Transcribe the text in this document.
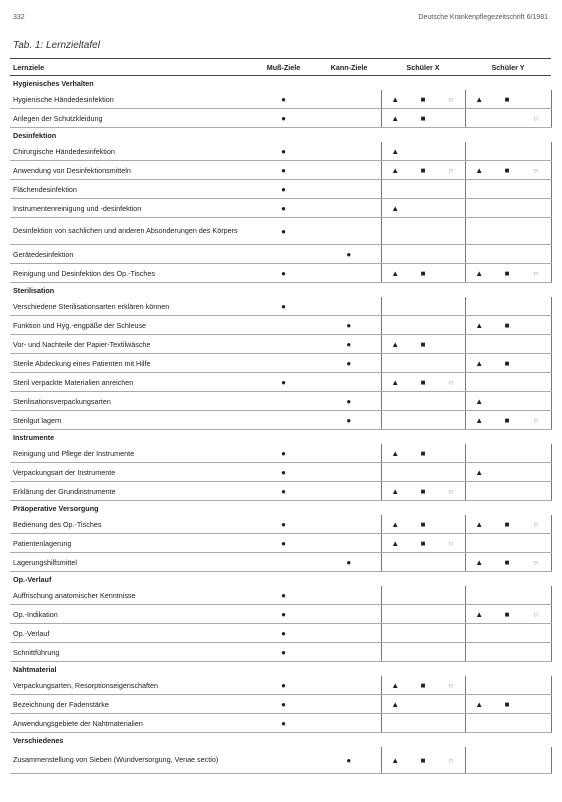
332	Deutsche Krankenpflegezeitschrift 6/1981
Tab. 1: Lernzieltafel
Lernziele	Muß-Ziele	Kann-Ziele	Schüler X			Schüler Y		
Hygienisches Verhalten								
Hygienische Händedesinfektion	●		▲	■	○	▲	■	
Anlegen der Schutzkleidung	●		▲	■				○
Desinfektion								
Chirurgische Händedesinfektion	●		▲					
Anwendung von Desinfektionsmitteln	●		▲	■	○	▲	■	○
Flächendesinfektion	●							
Instrumentenreinigung und -desinfektion	●		▲					
Desinfektion von sachlichen und anderen Absonderungen des Körpers	●							
Gerätedesinfektion		●						
Reinigung und Desinfektion des Op.-Tisches	●		▲	■		▲	■	○
Sterilisation								
Verschiedene Sterilisationsarten erklären können	●							
Funktion und Hyg.-engpäße der Schleuse		●				▲	■	
Vor- und Nachteile der Papier-Textilwäsche		●	▲	■				
Sterile Abdeckung eines Patienten mit Hilfe		●				▲	■	
Steril verpackte Materialien anreichen	●		▲	■	○			
Sterilisationsverpackungsarten		●				▲		
Sterilgut lagern		●				▲	■	○
Instrumente								
Reinigung und Pflege der Instrumente	●		▲	■				
Verpackungsart der Instrumente	●					▲		
Erklärung der Grundinstrumente	●		▲	■	○			
Präoperative Versorgung								
Bedienung des Op.-Tisches	●		▲	■		▲	■	○
Patientenlagerung	●		▲	■	○			
Lagerungshilfsmittel		●				▲	■	○
Op.-Verlauf								
Auffrischung anatomischer Kenntnisse	●							
Op.-Indikation	●					▲	■	○
Op.-Verlauf	●							
Schnittführung	●							
Nahtmaterial								
Verpackungsarten, Resorptionseigenschaften	●		▲	■	○			
Bezeichnung der Fadenstärke	●		▲			▲	■	
Anwendungsgebiete der Nahtmaterialien	●							
Verschiedenes								
Zusammenstellung von Sieben (Wundversorgung, Venae sectio)		●	▲	■	○			
